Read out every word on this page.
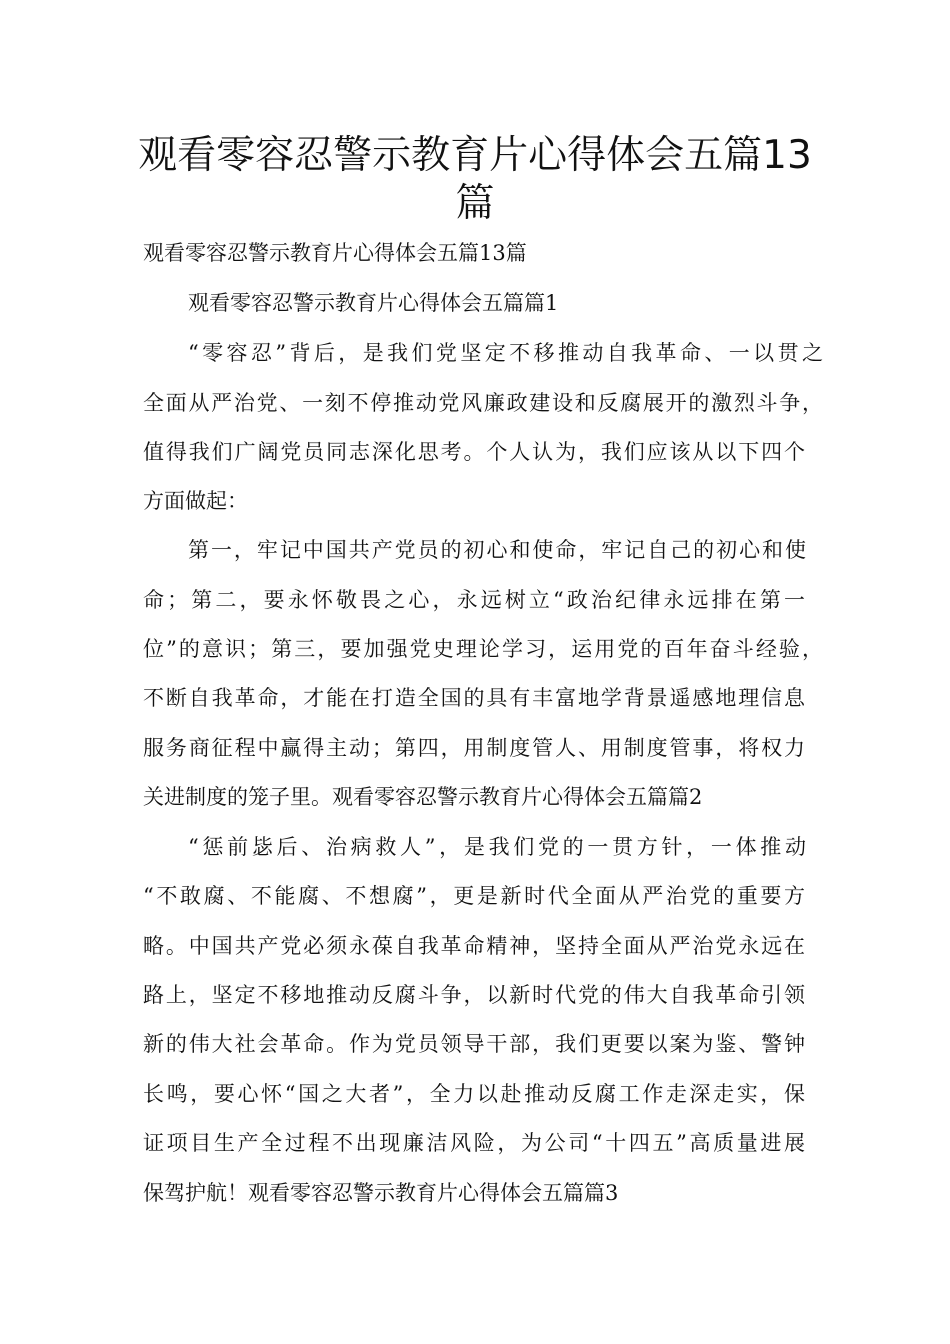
观看零容忍警示教育片心得体会五篇13
篇

观看零容忍警示教育片心得体会五篇13篇

观看零容忍警示教育片心得体会五篇篇1

“零容忍”背后，是我们党坚定不移推动自我革命、一以贯之

全面从严治党、一刻不停推动党风廉政建设和反腐展开的激烈斗争，

值得我们广阔党员同志深化思考。个人认为，我们应该从以下四个

方面做起：

第一，牢记中国共产党员的初心和使命，牢记自己的初心和使

命；第二，要永怀敬畏之心，永远树立“政治纪律永远排在第一

位”的意识；第三，要加强党史理论学习，运用党的百年奋斗经验，

不断自我革命，才能在打造全国的具有丰富地学背景遥感地理信息

服务商征程中赢得主动；第四，用制度管人、用制度管事，将权力

关进制度的笼子里。观看零容忍警示教育片心得体会五篇篇2

“惩前毖后、治病救人”，是我们党的一贯方针，一体推动

“不敢腐、不能腐、不想腐”，更是新时代全面从严治党的重要方

略。中国共产党必须永葆自我革命精神，坚持全面从严治党永远在

路上，坚定不移地推动反腐斗争，以新时代党的伟大自我革命引领

新的伟大社会革命。作为党员领导干部，我们更要以案为鉴、警钟

长鸣，要心怀“国之大者”，全力以赴推动反腐工作走深走实，保

证项目生产全过程不出现廉洁风险，为公司“十四五”高质量进展

保驾护航！观看零容忍警示教育片心得体会五篇篇3
